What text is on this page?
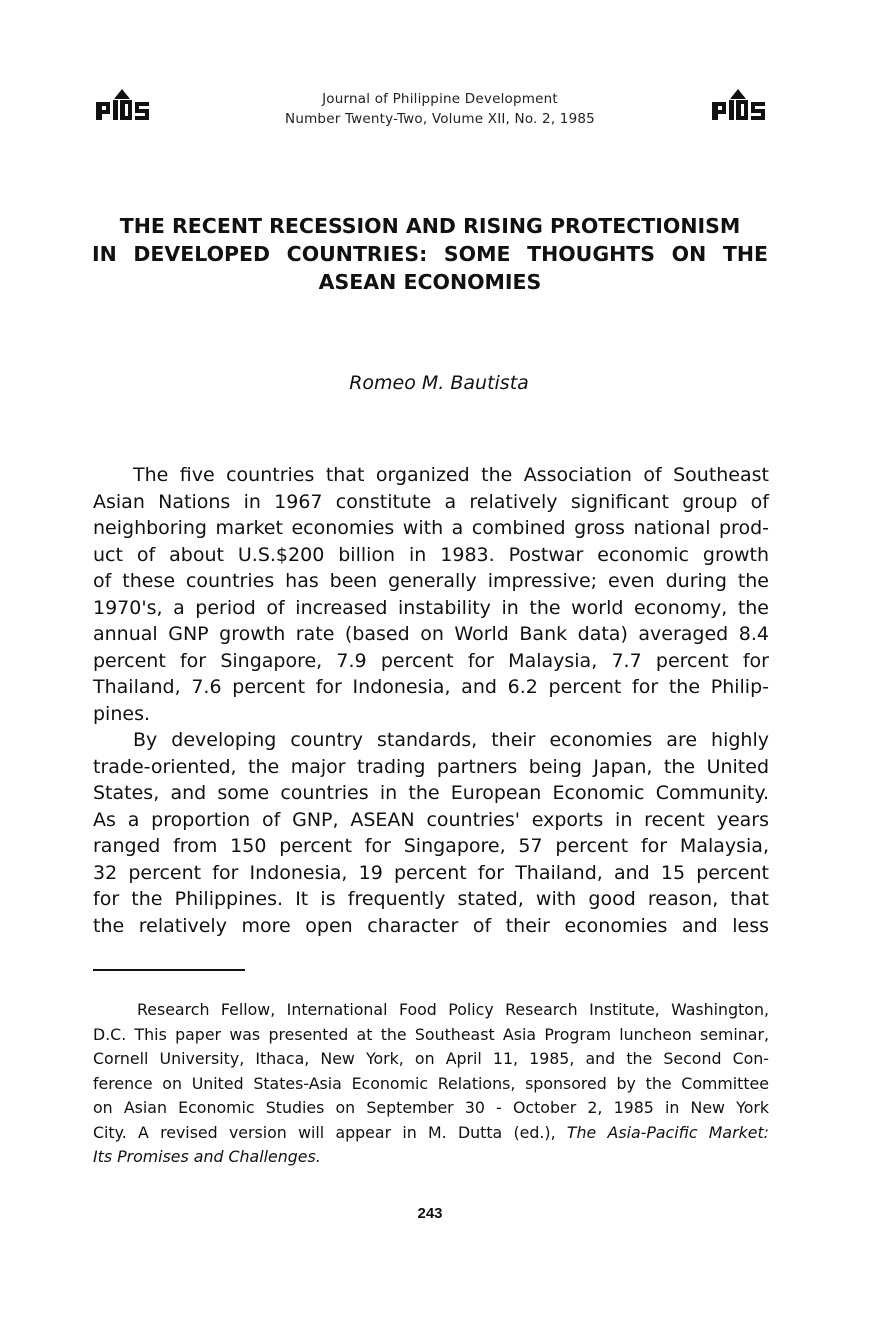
Journal of Philippine Development
Number Twenty-Two, Volume XII, No. 2, 1985
THE RECENT RECESSION AND RISING PROTECTIONISM
IN DEVELOPED COUNTRIES: SOME THOUGHTS ON THE
ASEAN ECONOMIES
Romeo M. Bautista
The five countries that organized the Association of Southeast
Asian Nations in 1967 constitute a relatively significant group of
neighboring market economies with a combined gross national prod-
uct of about U.S.$200 billion in 1983. Postwar economic growth
of these countries has been generally impressive; even during the
1970's, a period of increased instability in the world economy, the
annual GNP growth rate (based on World Bank data) averaged 8.4
percent for Singapore, 7.9 percent for Malaysia, 7.7 percent for
Thailand, 7.6 percent for Indonesia, and 6.2 percent for the Philip-
pines.
By developing country standards, their economies are highly
trade-oriented, the major trading partners being Japan, the United
States, and some countries in the European Economic Community.
As a proportion of GNP, ASEAN countries' exports in recent years
ranged from 150 percent for Singapore, 57 percent for Malaysia,
32 percent for Indonesia, 19 percent for Thailand, and 15 percent
for the Philippines. It is frequently stated, with good reason, that
the relatively more open character of their economies and less
Research Fellow, International Food Policy Research Institute, Washington,
D.C. This paper was presented at the Southeast Asia Program luncheon seminar,
Cornell University, Ithaca, New York, on April 11, 1985, and the Second Con-
ference on United States-Asia Economic Relations, sponsored by the Committee
on Asian Economic Studies on September 30 - October 2, 1985 in New York
City. A revised version will appear in M. Dutta (ed.), The Asia-Pacific Market:
Its Promises and Challenges.
243
